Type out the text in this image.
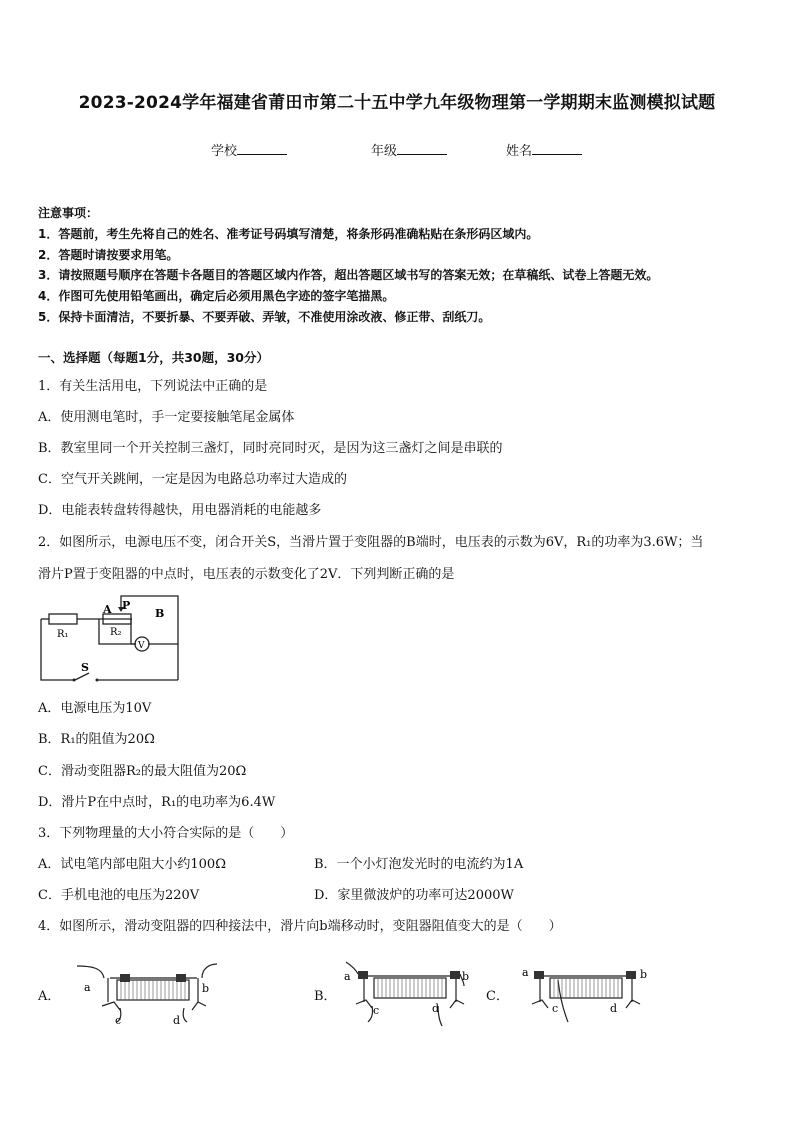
2023-2024学年福建省莆田市第二十五中学九年级物理第一学期期末监测模拟试题
学校	年级	姓名
注意事项：
1．答题前，考生先将自己的姓名、准考证号码填写清楚，将条形码准确粘贴在条形码区域内。
2．答题时请按要求用笔。
3．请按照题号顺序在答题卡各题目的答题区域内作答，超出答题区域书写的答案无效；在草稿纸、试卷上答题无效。
4．作图可先使用铅笔画出，确定后必须用黑色字迹的签字笔描黑。
5．保持卡面清洁，不要折暴、不要弄破、弄皱，不准使用涂改液、修正带、刮纸刀。
一、选择题（每题1分，共30题，30分）
1．有关生活用电，下列说法中正确的是
A．使用测电笔时，手一定要接触笔尾金属体
B．教室里同一个开关控制三盏灯，同时亮同时灭，是因为这三盏灯之间是串联的
C．空气开关跳闸，一定是因为电路总功率过大造成的
D．电能表转盘转得越快，用电器消耗的电能越多
2．如图所示，电源电压不变，闭合开关S，当滑片置于变阻器的B端时，电压表的示数为6V，R₁的功率为3.6W；当
滑片P置于变阻器的中点时，电压表的示数变化了2V．下列判断正确的是
A P
B
R₁	R₂
V
S
A．电源电压为10V
B．R₁的阻值为20Ω
C．滑动变阻器R₂的最大阻值为20Ω
D．滑片P在中点时，R₁的电功率为6.4W
3．下列物理量的大小符合实际的是（　　）
A．试电笔内部电阻大小约100Ω	B．一个小灯泡发光时的电流约为1A
C．手机电池的电压为220V	D．家里微波炉的功率可达2000W
4．如图所示，滑动变阻器的四种接法中，滑片向b端移动时，变阻器阻值变大的是（　　）
A．
a	b
c	d
B．
a	b
c	d
C．
a	b
c	d
